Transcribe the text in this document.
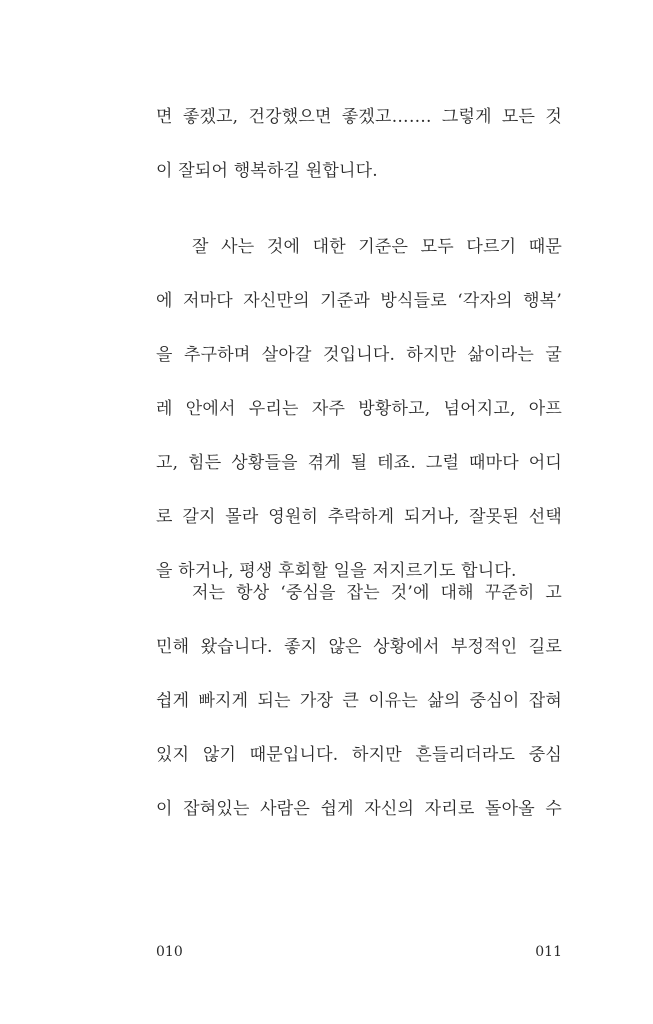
면 좋겠고, 건강했으면 좋겠고……. 그렇게 모든 것
이 잘되어 행복하길 원합니다.
잘 사는 것에 대한 기준은 모두 다르기 때문
에 저마다 자신만의 기준과 방식들로 ‘각자의 행복’
을 추구하며 살아갈 것입니다. 하지만 삶이라는 굴
레 안에서 우리는 자주 방황하고, 넘어지고, 아프
고, 힘든 상황들을 겪게 될 테죠. 그럴 때마다 어디
로 갈지 몰라 영원히 추락하게 되거나, 잘못된 선택
을 하거나, 평생 후회할 일을 저지르기도 합니다.
저는 항상 ‘중심을 잡는 것’에 대해 꾸준히 고
민해 왔습니다. 좋지 않은 상황에서 부정적인 길로
쉽게 빠지게 되는 가장 큰 이유는 삶의 중심이 잡혀
있지 않기 때문입니다. 하지만 흔들리더라도 중심
이 잡혀있는 사람은 쉽게 자신의 자리로 돌아올 수
010	011
